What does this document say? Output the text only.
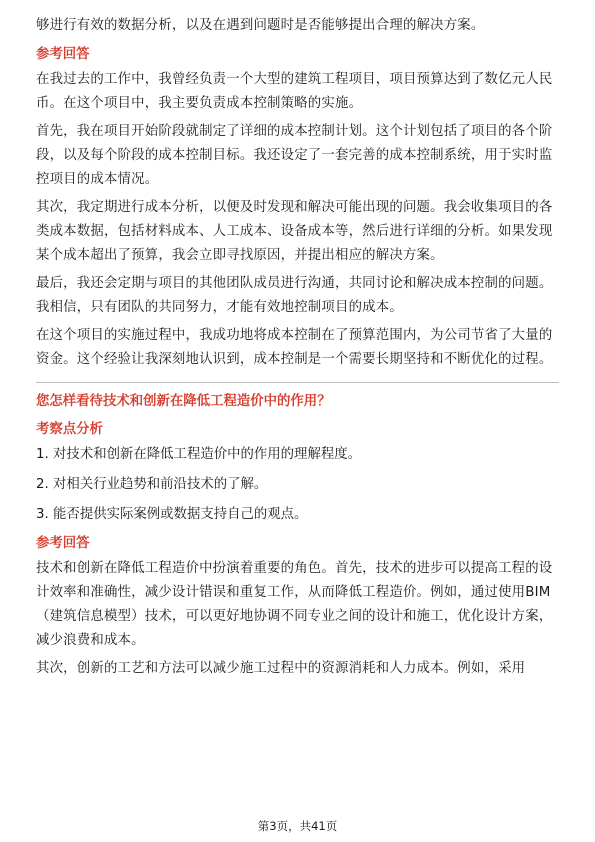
够进行有效的数据分析，以及在遇到问题时是否能够提出合理的解决方案。

参考回答

在我过去的工作中，我曾经负责一个大型的建筑工程项目，项目预算达到了数亿元人民币。在这个项目中，我主要负责成本控制策略的实施。

首先，我在项目开始阶段就制定了详细的成本控制计划。这个计划包括了项目的各个阶段，以及每个阶段的成本控制目标。我还设定了一套完善的成本控制系统，用于实时监控项目的成本情况。

其次，我定期进行成本分析，以便及时发现和解决可能出现的问题。我会收集项目的各类成本数据，包括材料成本、人工成本、设备成本等，然后进行详细的分析。如果发现某个成本超出了预算，我会立即寻找原因，并提出相应的解决方案。

最后，我还会定期与项目的其他团队成员进行沟通，共同讨论和解决成本控制的问题。我相信，只有团队的共同努力，才能有效地控制项目的成本。

在这个项目的实施过程中，我成功地将成本控制在了预算范围内，为公司节省了大量的资金。这个经验让我深刻地认识到，成本控制是一个需要长期坚持和不断优化的过程。

您怎样看待技术和创新在降低工程造价中的作用？
考察点分析
1. 对技术和创新在降低工程造价中的作用的理解程度。
2. 对相关行业趋势和前沿技术的了解。
3. 能否提供实际案例或数据支持自己的观点。
参考回答

技术和创新在降低工程造价中扮演着重要的角色。首先，技术的进步可以提高工程的设计效率和准确性，减少设计错误和重复工作，从而降低工程造价。例如，通过使用BIM（建筑信息模型）技术，可以更好地协调不同专业之间的设计和施工，优化设计方案，减少浪费和成本。

其次，创新的工艺和方法可以减少施工过程中的资源消耗和人力成本。例如，采用

第3页，共41页
